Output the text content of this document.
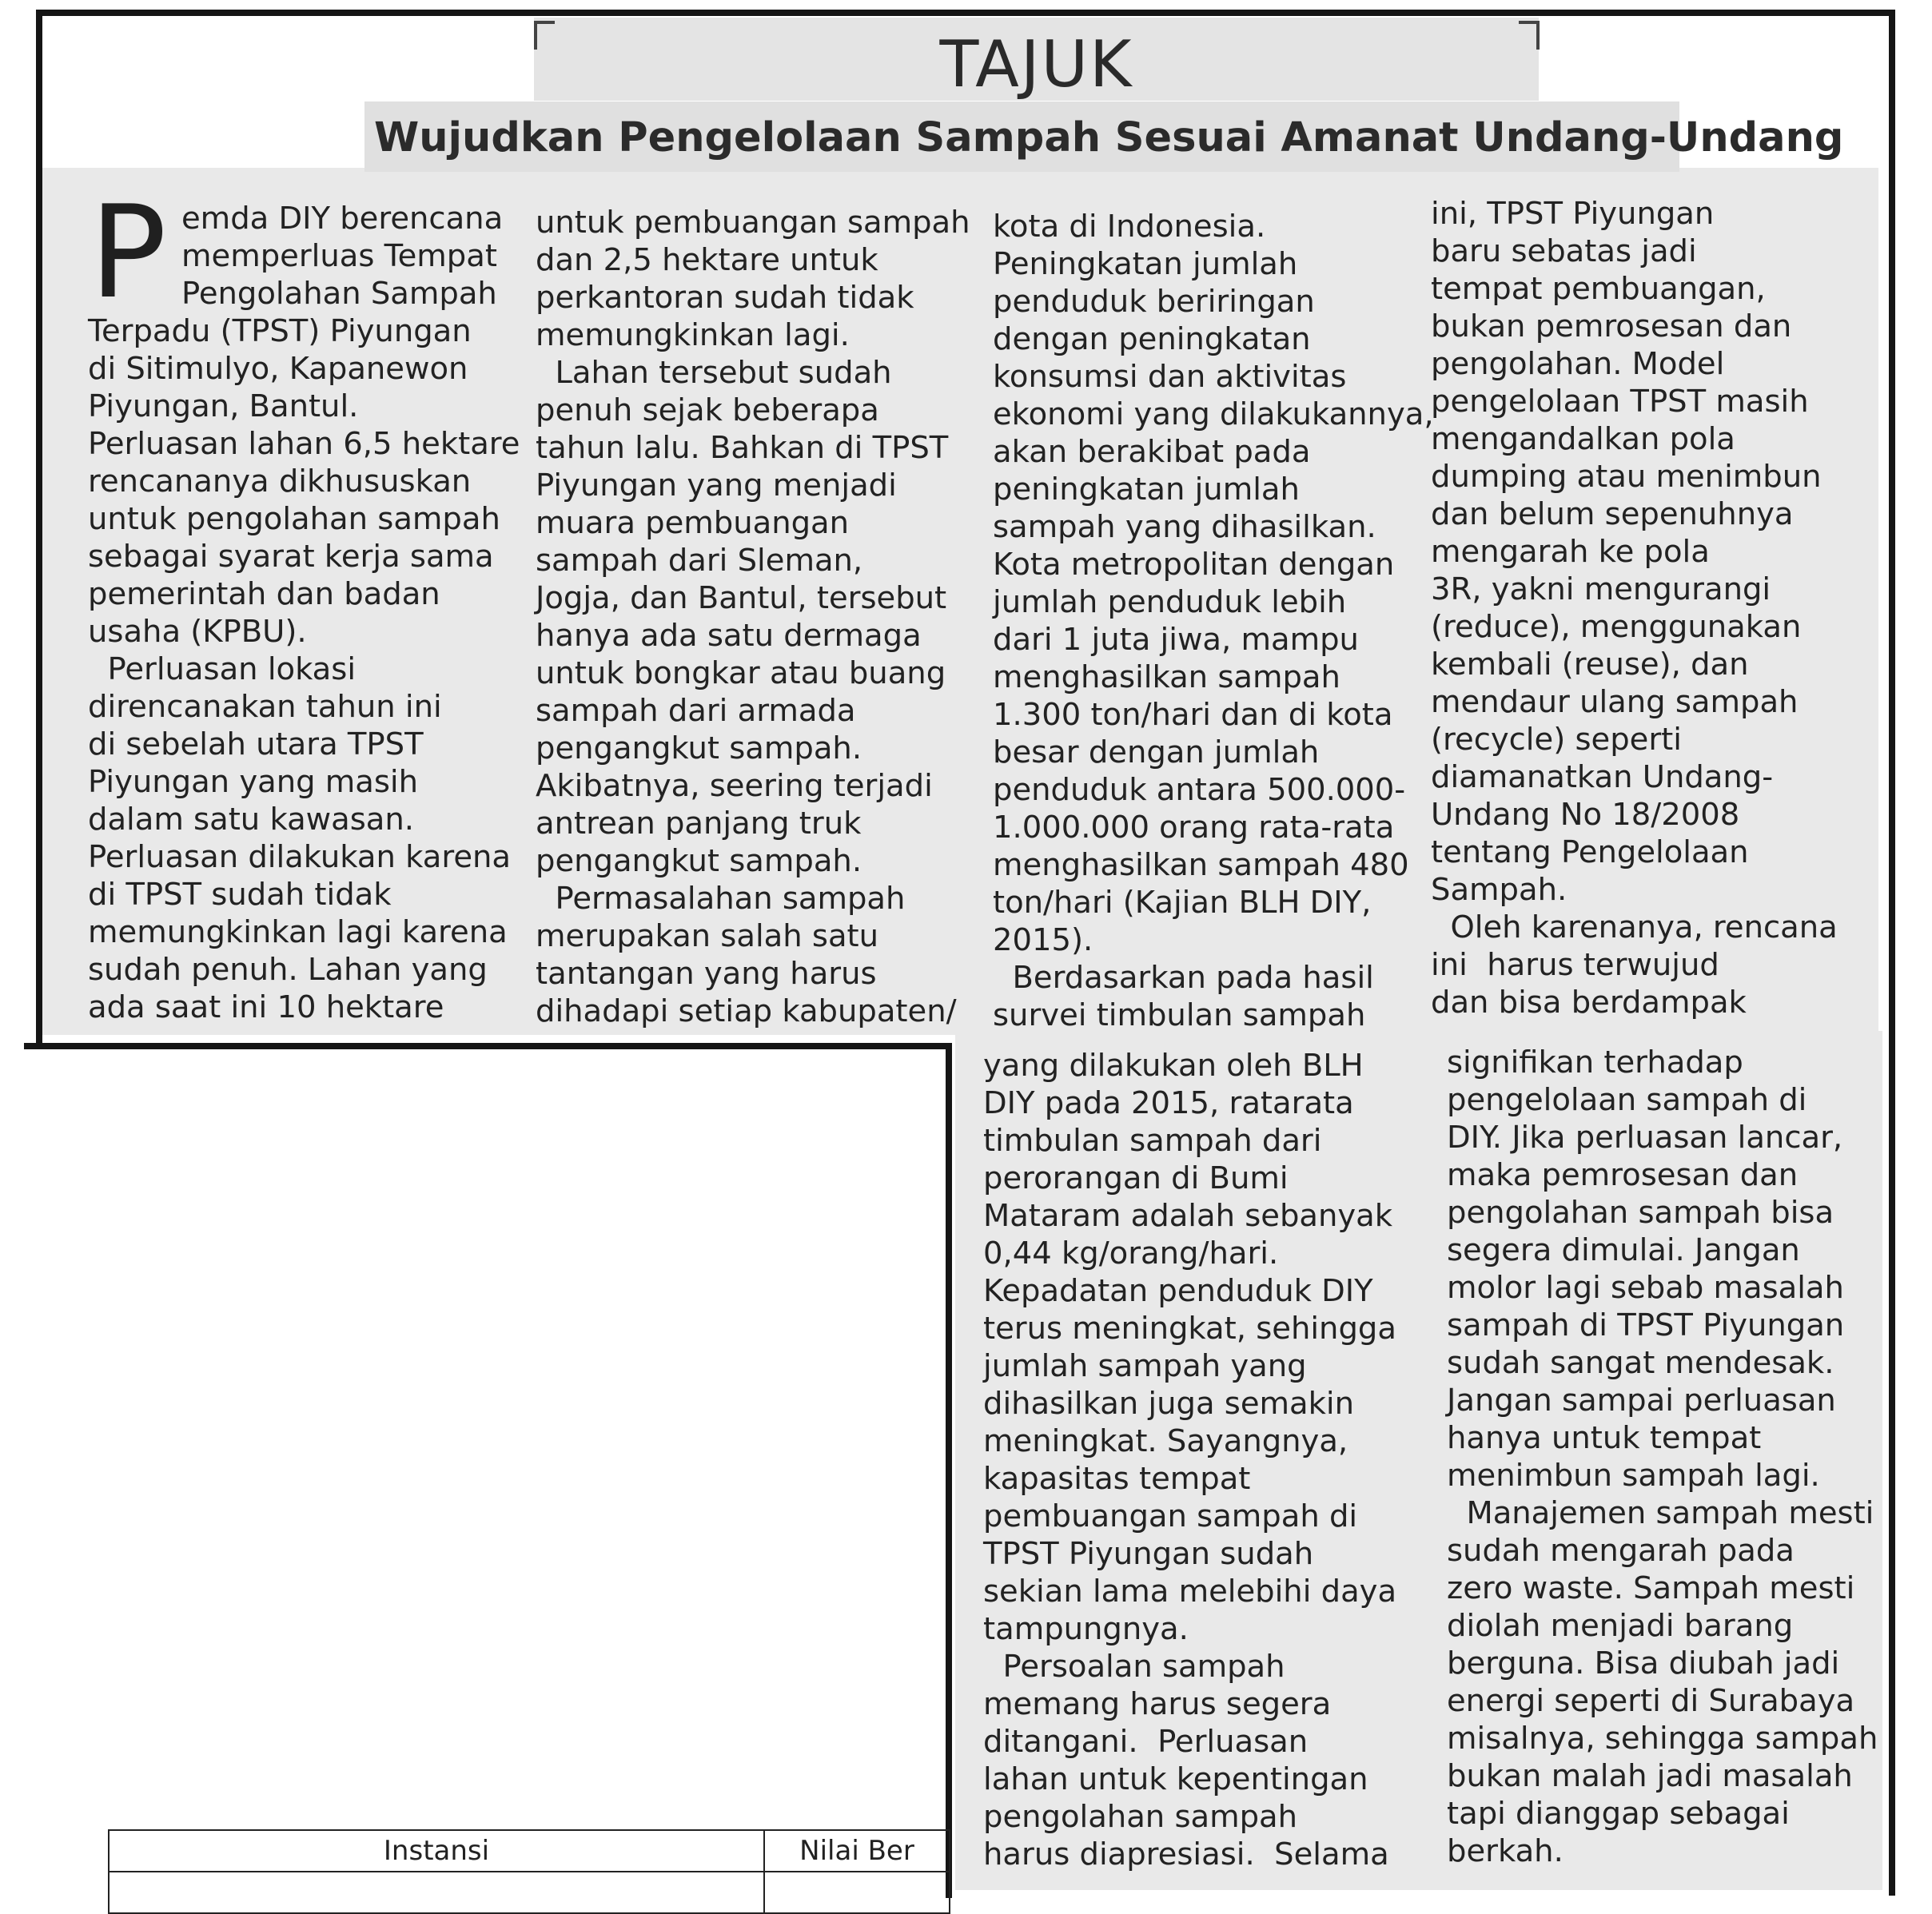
TAJUK
Wujudkan Pengelolaan Sampah Sesuai Amanat Undang-Undang
P emda DIY berencana
memperluas Tempat
Pengolahan Sampah
Terpadu (TPST) Piyungan
di Sitimulyo, Kapanewon
Piyungan, Bantul.
Perluasan lahan 6,5 hektare
rencananya dikhususkan
untuk pengolahan sampah
sebagai syarat kerja sama
pemerintah dan badan
usaha (KPBU).
Perluasan lokasi
direncanakan tahun ini
di sebelah utara TPST
Piyungan yang masih
dalam satu kawasan.
Perluasan dilakukan karena
di TPST sudah tidak
memungkinkan lagi karena
sudah penuh. Lahan yang
ada saat ini 10 hektare
untuk pembuangan sampah
dan 2,5 hektare untuk
perkantoran sudah tidak
memungkinkan lagi.
Lahan tersebut sudah
penuh sejak beberapa
tahun lalu. Bahkan di TPST
Piyungan yang menjadi
muara pembuangan
sampah dari Sleman,
Jogja, dan Bantul, tersebut
hanya ada satu dermaga
untuk bongkar atau buang
sampah dari armada
pengangkut sampah.
Akibatnya, seering terjadi
antrean panjang truk
pengangkut sampah.
Permasalahan sampah
merupakan salah satu
tantangan yang harus
dihadapi setiap kabupaten/
kota di Indonesia.
Peningkatan jumlah
penduduk beriringan
dengan peningkatan
konsumsi dan aktivitas
ekonomi yang dilakukannya,
akan berakibat pada
peningkatan jumlah
sampah yang dihasilkan.
Kota metropolitan dengan
jumlah penduduk lebih
dari 1 juta jiwa, mampu
menghasilkan sampah
1.300 ton/hari dan di kota
besar dengan jumlah
penduduk antara 500.000-
1.000.000 orang rata-rata
menghasilkan sampah 480
ton/hari (Kajian BLH DIY,
2015).
Berdasarkan pada hasil
survei timbulan sampah
ini, TPST Piyungan
baru sebatas jadi
tempat pembuangan,
bukan pemrosesan dan
pengolahan. Model
pengelolaan TPST masih
mengandalkan pola
dumping atau menimbun
dan belum sepenuhnya
mengarah ke pola
3R, yakni mengurangi
(reduce), menggunakan
kembali (reuse), dan
mendaur ulang sampah
(recycle) seperti
diamanatkan Undang-
Undang No 18/2008
tentang Pengelolaan
Sampah.
Oleh karenanya, rencana
ini  harus terwujud
dan bisa berdampak
yang dilakukan oleh BLH
DIY pada 2015, ratarata
timbulan sampah dari
perorangan di Bumi
Mataram adalah sebanyak
0,44 kg/orang/hari.
Kepadatan penduduk DIY
terus meningkat, sehingga
jumlah sampah yang
dihasilkan juga semakin
meningkat. Sayangnya,
kapasitas tempat
pembuangan sampah di
TPST Piyungan sudah
sekian lama melebihi daya
tampungnya.
Persoalan sampah
memang harus segera
ditangani.  Perluasan
lahan untuk kepentingan
pengolahan sampah
harus diapresiasi.  Selama
signifikan terhadap
pengelolaan sampah di
DIY. Jika perluasan lancar,
maka pemrosesan dan
pengolahan sampah bisa
segera dimulai. Jangan
molor lagi sebab masalah
sampah di TPST Piyungan
sudah sangat mendesak.
Jangan sampai perluasan
hanya untuk tempat
menimbun sampah lagi.
Manajemen sampah mesti
sudah mengarah pada
zero waste. Sampah mesti
diolah menjadi barang
berguna. Bisa diubah jadi
energi seperti di Surabaya
misalnya, sehingga sampah
bukan malah jadi masalah
tapi dianggap sebagai
berkah.
Instansi	Nilai Ber
